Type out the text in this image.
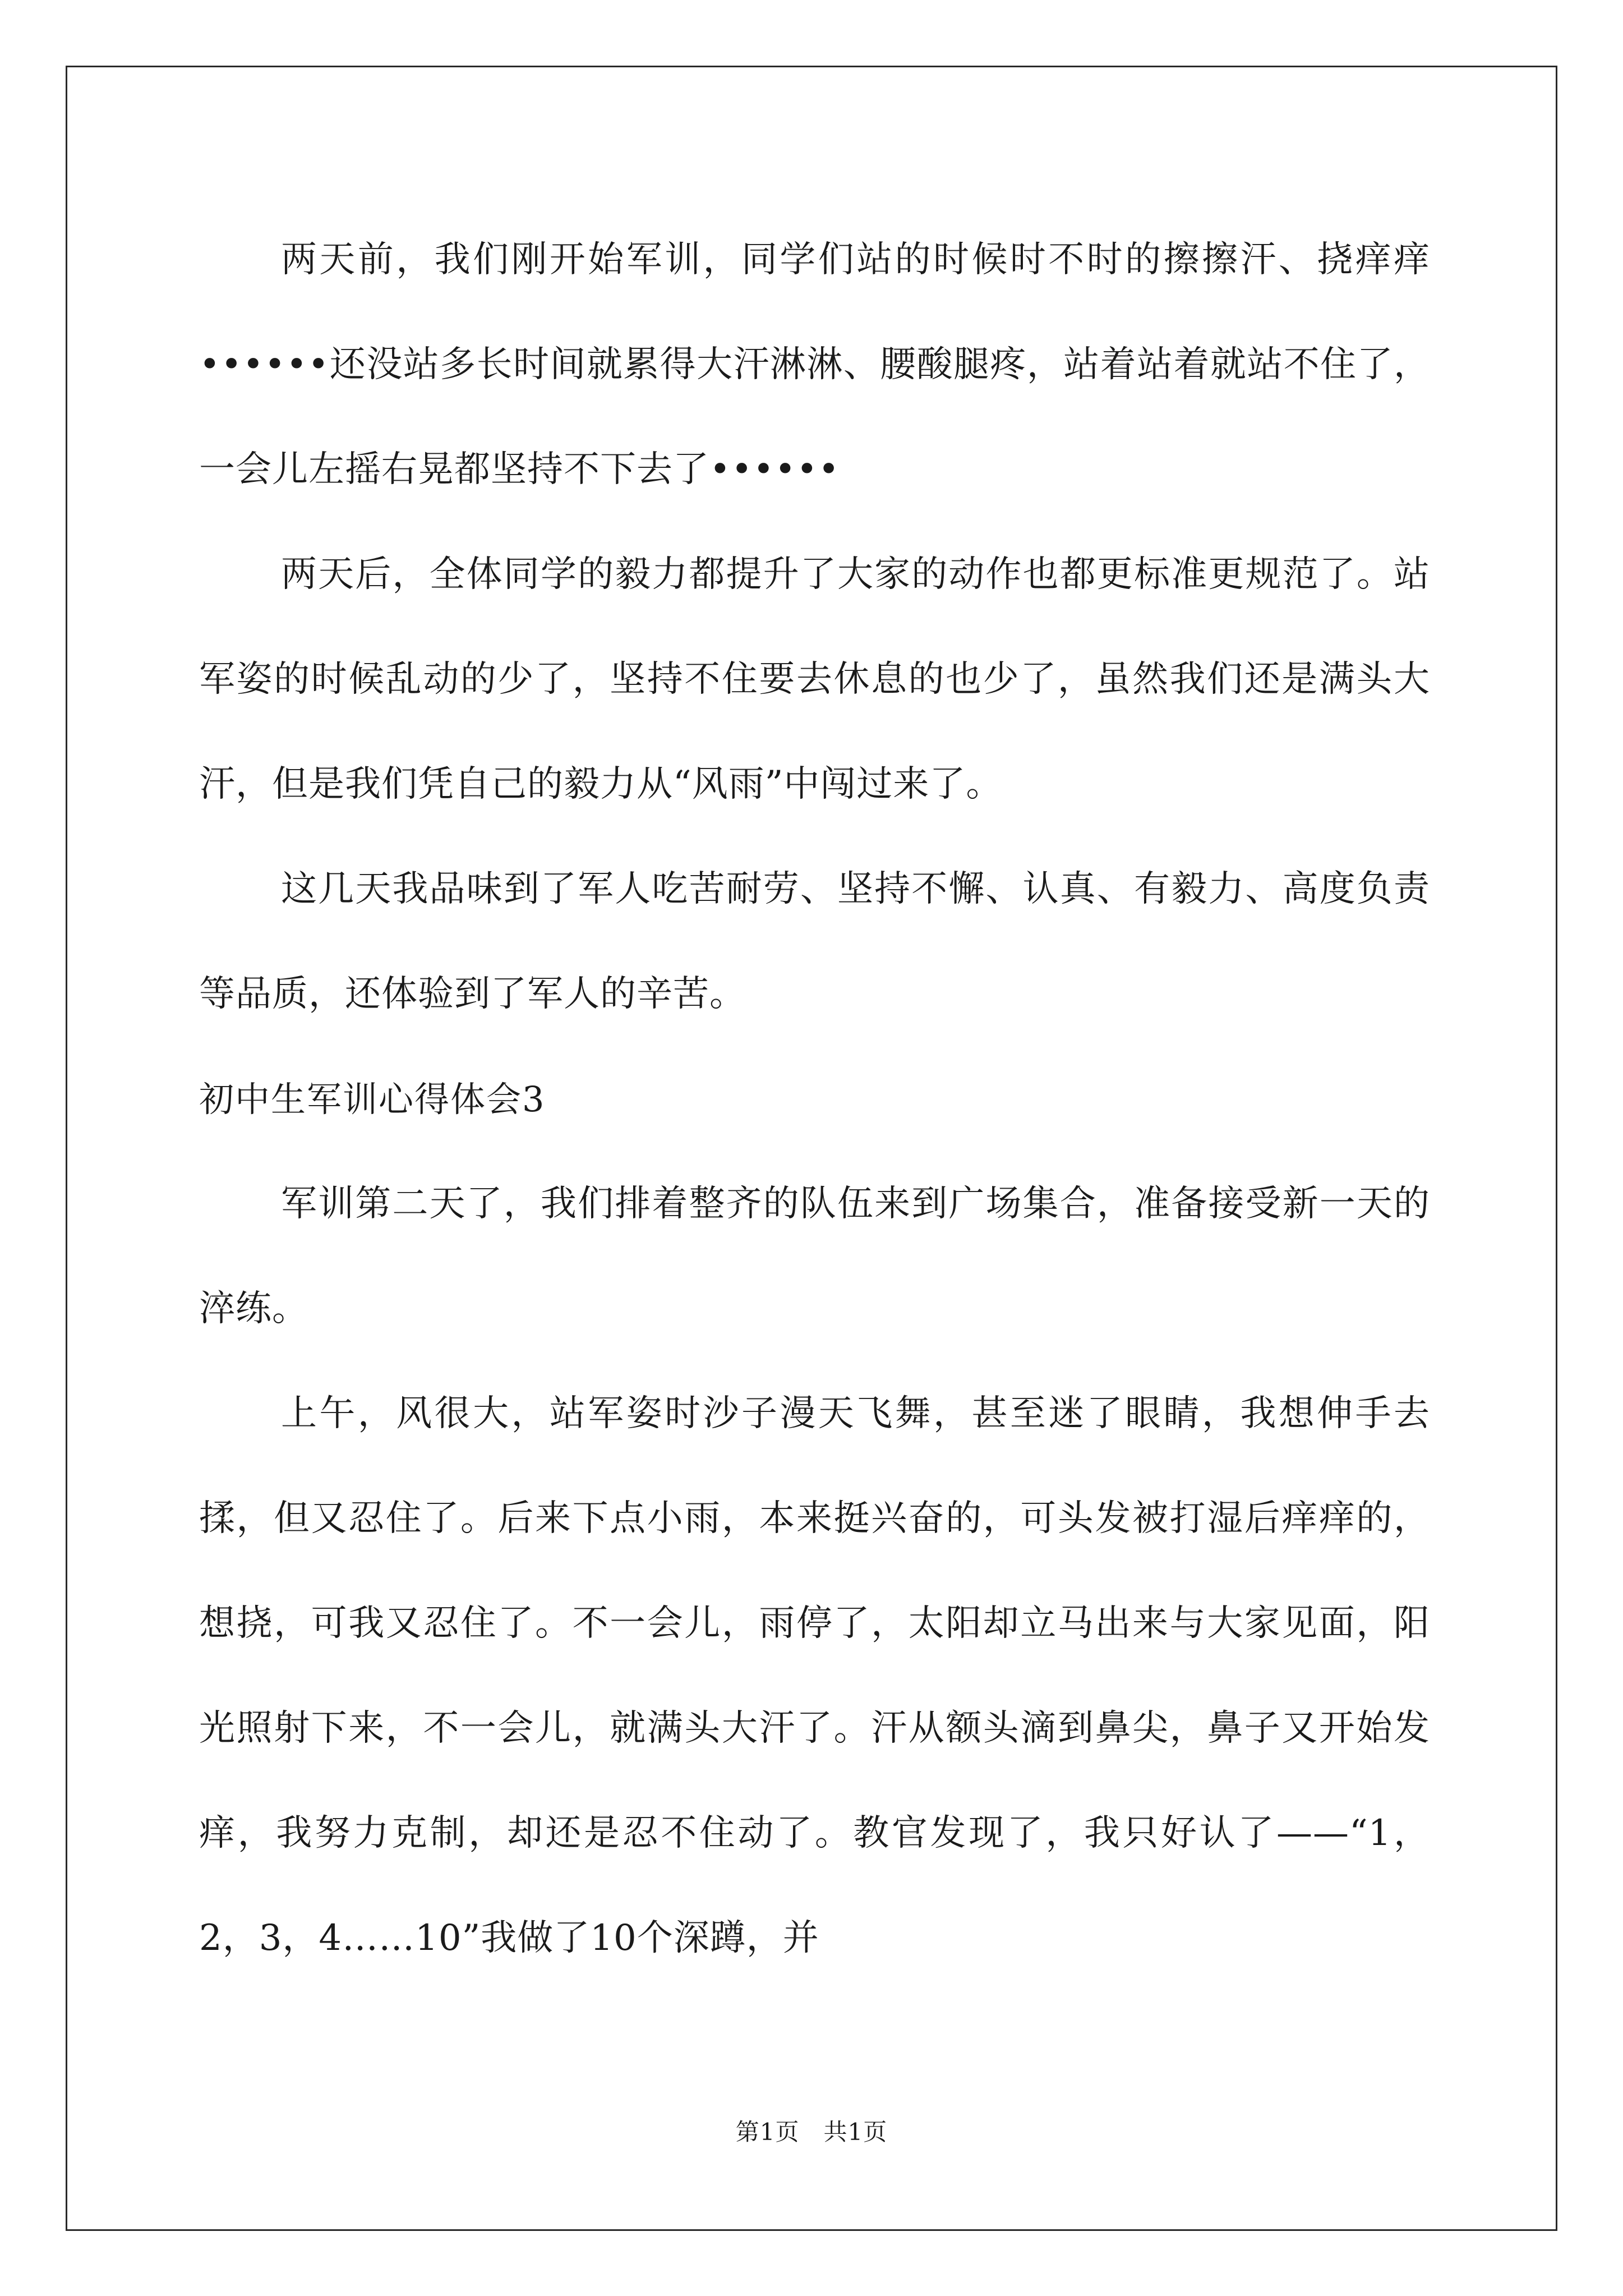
两天前，我们刚开始军训，同学们站的时候时不时的擦擦汗、挠痒痒••••••还没站多长时间就累得大汗淋淋、腰酸腿疼，站着站着就站不住了，一会儿左摇右晃都坚持不下去了••••••

两天后，全体同学的毅力都提升了大家的动作也都更标准更规范了。站军姿的时候乱动的少了，坚持不住要去休息的也少了，虽然我们还是满头大汗，但是我们凭自己的毅力从“风雨”中闯过来了。

这几天我品味到了军人吃苦耐劳、坚持不懈、认真、有毅力、高度负责等品质，还体验到了军人的辛苦。

初中生军训心得体会3

军训第二天了，我们排着整齐的队伍来到广场集合，准备接受新一天的淬练。

上午，风很大，站军姿时沙子漫天飞舞，甚至迷了眼睛，我想伸手去揉，但又忍住了。后来下点小雨，本来挺兴奋的，可头发被打湿后痒痒的，想挠，可我又忍住了。不一会儿，雨停了，太阳却立马出来与大家见面，阳光照射下来，不一会儿，就满头大汗了。汗从额头滴到鼻尖，鼻子又开始发痒，我努力克制，却还是忍不住动了。教官发现了，我只好认了——“1，2，3，4……10”我做了10个深蹲，并

第1页　共1页
